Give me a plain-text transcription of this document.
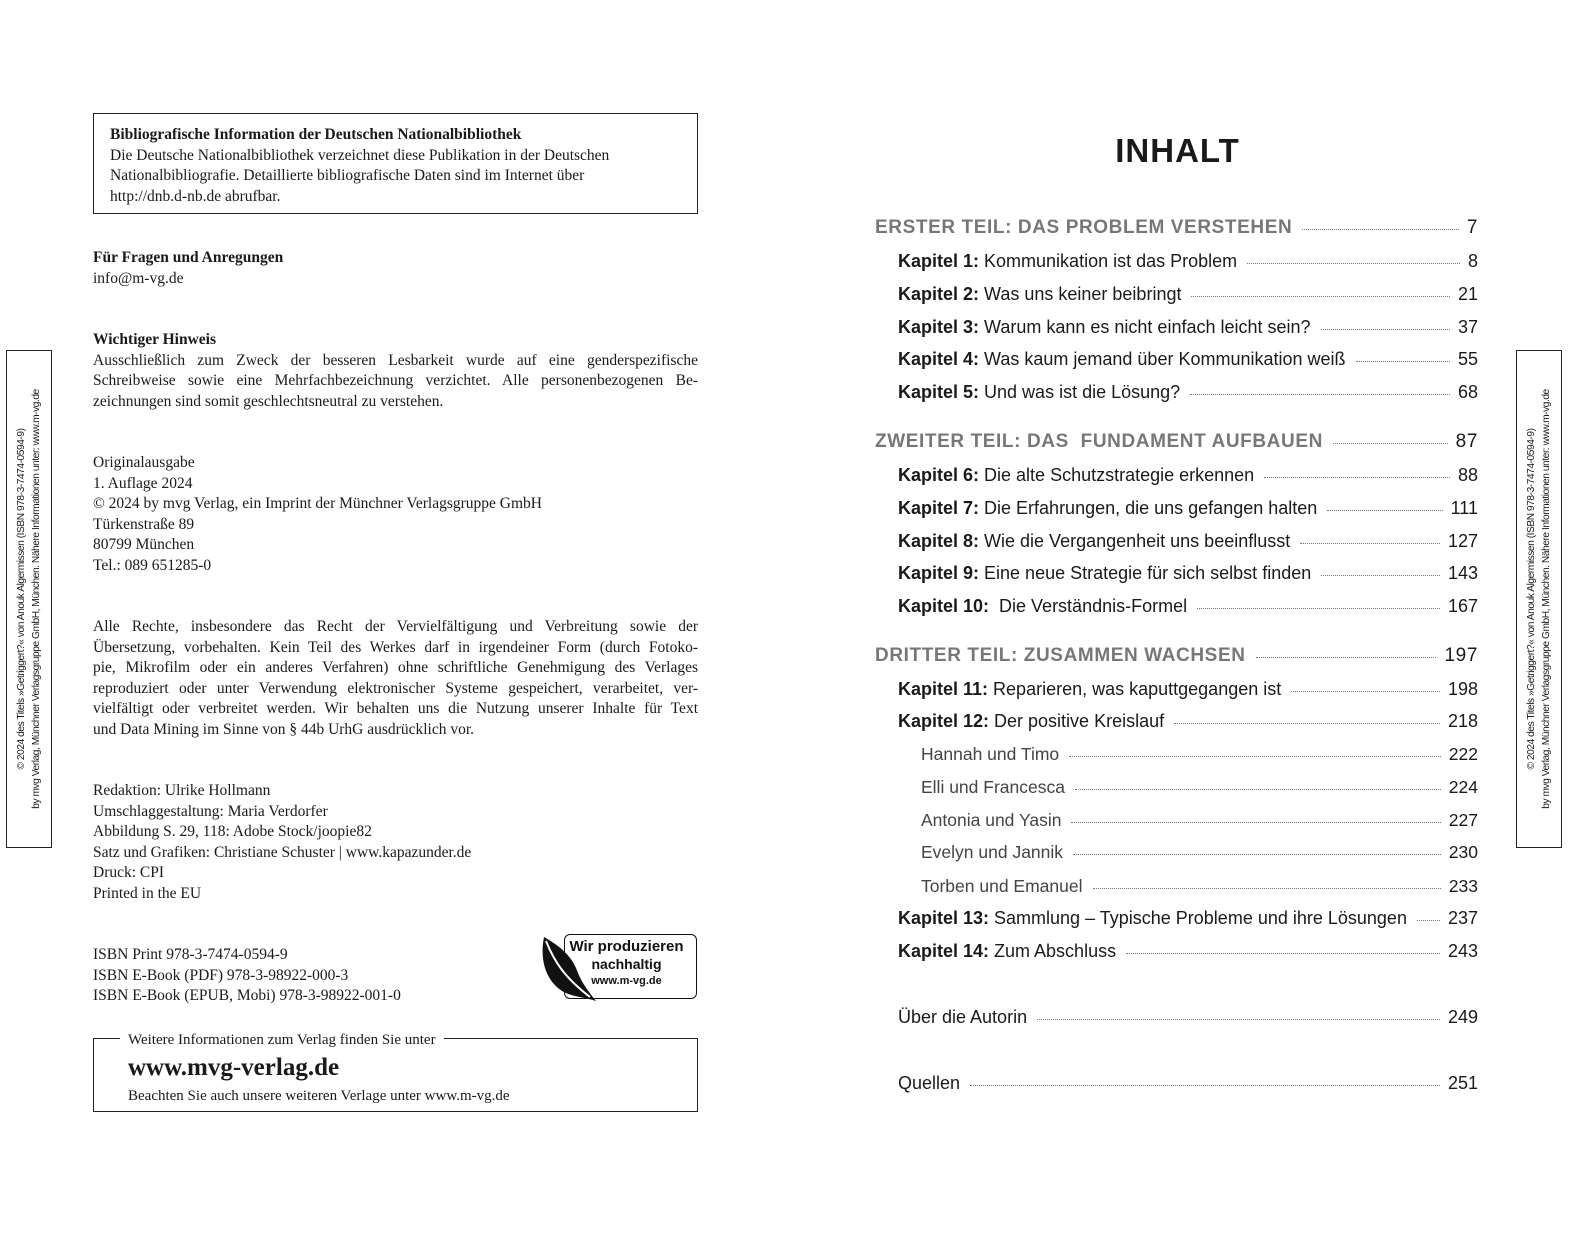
Bibliografische Information der Deutschen Nationalbibliothek
Die Deutsche Nationalbibliothek verzeichnet diese Publikation in der Deutschen
Nationalbibliografie. Detaillierte bibliografische Daten sind im Internet über
http://dnb.d-nb.de abrufbar.
Für Fragen und Anregungen
info@m-vg.de
Wichtiger Hinweis
Ausschließlich zum Zweck der besseren Lesbarkeit wurde auf eine genderspezifische
Schreibweise sowie eine Mehrfachbezeichnung verzichtet. Alle personenbezogenen Be-
zeichnungen sind somit geschlechtsneutral zu verstehen.
Originalausgabe
1. Auflage 2024
© 2024 by mvg Verlag, ein Imprint der Münchner Verlagsgruppe GmbH
Türkenstraße 89
80799 München
Tel.: 089 651285-0
Alle Rechte, insbesondere das Recht der Vervielfältigung und Verbreitung sowie der
Übersetzung, vorbehalten. Kein Teil des Werkes darf in irgendeiner Form (durch Fotoko-
pie, Mikrofilm oder ein anderes Verfahren) ohne schriftliche Genehmigung des Verlages
reproduziert oder unter Verwendung elektronischer Systeme gespeichert, verarbeitet, ver-
vielfältigt oder verbreitet werden. Wir behalten uns die Nutzung unserer Inhalte für Text
und Data Mining im Sinne von § 44b UrhG ausdrücklich vor.
Redaktion: Ulrike Hollmann
Umschlaggestaltung: Maria Verdorfer
Abbildung S. 29, 118: Adobe Stock/joopie82
Satz und Grafiken: Christiane Schuster | www.kapazunder.de
Druck: CPI
Printed in the EU
ISBN Print 978-3-7474-0594-9
ISBN E-Book (PDF) 978-3-98922-000-3
ISBN E-Book (EPUB, Mobi) 978-3-98922-001-0
Wir produzieren
nachhaltig
www.m-vg.de
Weitere Informationen zum Verlag finden Sie unter
www.mvg-verlag.de
Beachten Sie auch unsere weiteren Verlage unter www.m-vg.de
© 2024 des Titels »Getriggert?« von Anouk Algermissen (ISBN 978-3-7474-0594-9) by mvg Verlag, Münchner Verlagsgruppe GmbH, München. Nähere Informationen unter: www.m-vg.de	© 2024 des Titels »Getriggert?« von Anouk Algermissen (ISBN 978-3-7474-0594-9) by mvg Verlag, Münchner Verlagsgruppe GmbH, München. Nähere Informationen unter: www.m-vg.de
INHALT
ERSTER TEIL: DAS PROBLEM VERSTEHEN	7
Kapitel 1: Kommunikation ist das Problem	8
Kapitel 2: Was uns keiner beibringt	21
Kapitel 3: Warum kann es nicht einfach leicht sein?	37
Kapitel 4: Was kaum jemand über Kommunikation weiß	55
Kapitel 5: Und was ist die Lösung?	68
ZWEITER TEIL: DAS  FUNDAMENT AUFBAUEN	87
Kapitel 6: Die alte Schutzstrategie erkennen	88
Kapitel 7: Die Erfahrungen, die uns gefangen halten	111
Kapitel 8: Wie die Vergangenheit uns beeinflusst	127
Kapitel 9: Eine neue Strategie für sich selbst finden	143
Kapitel 10:  Die Verständnis-Formel	167
DRITTER TEIL: ZUSAMMEN WACHSEN	197
Kapitel 11: Reparieren, was kaputtgegangen ist	198
Kapitel 12: Der positive Kreislauf	218
Hannah und Timo	222
Elli und Francesca	224
Antonia und Yasin	227
Evelyn und Jannik	230
Torben und Emanuel	233
Kapitel 13: Sammlung – Typische Probleme und ihre Lösungen 237
Kapitel 14: Zum Abschluss	243
Über die Autorin	249
Quellen	251
